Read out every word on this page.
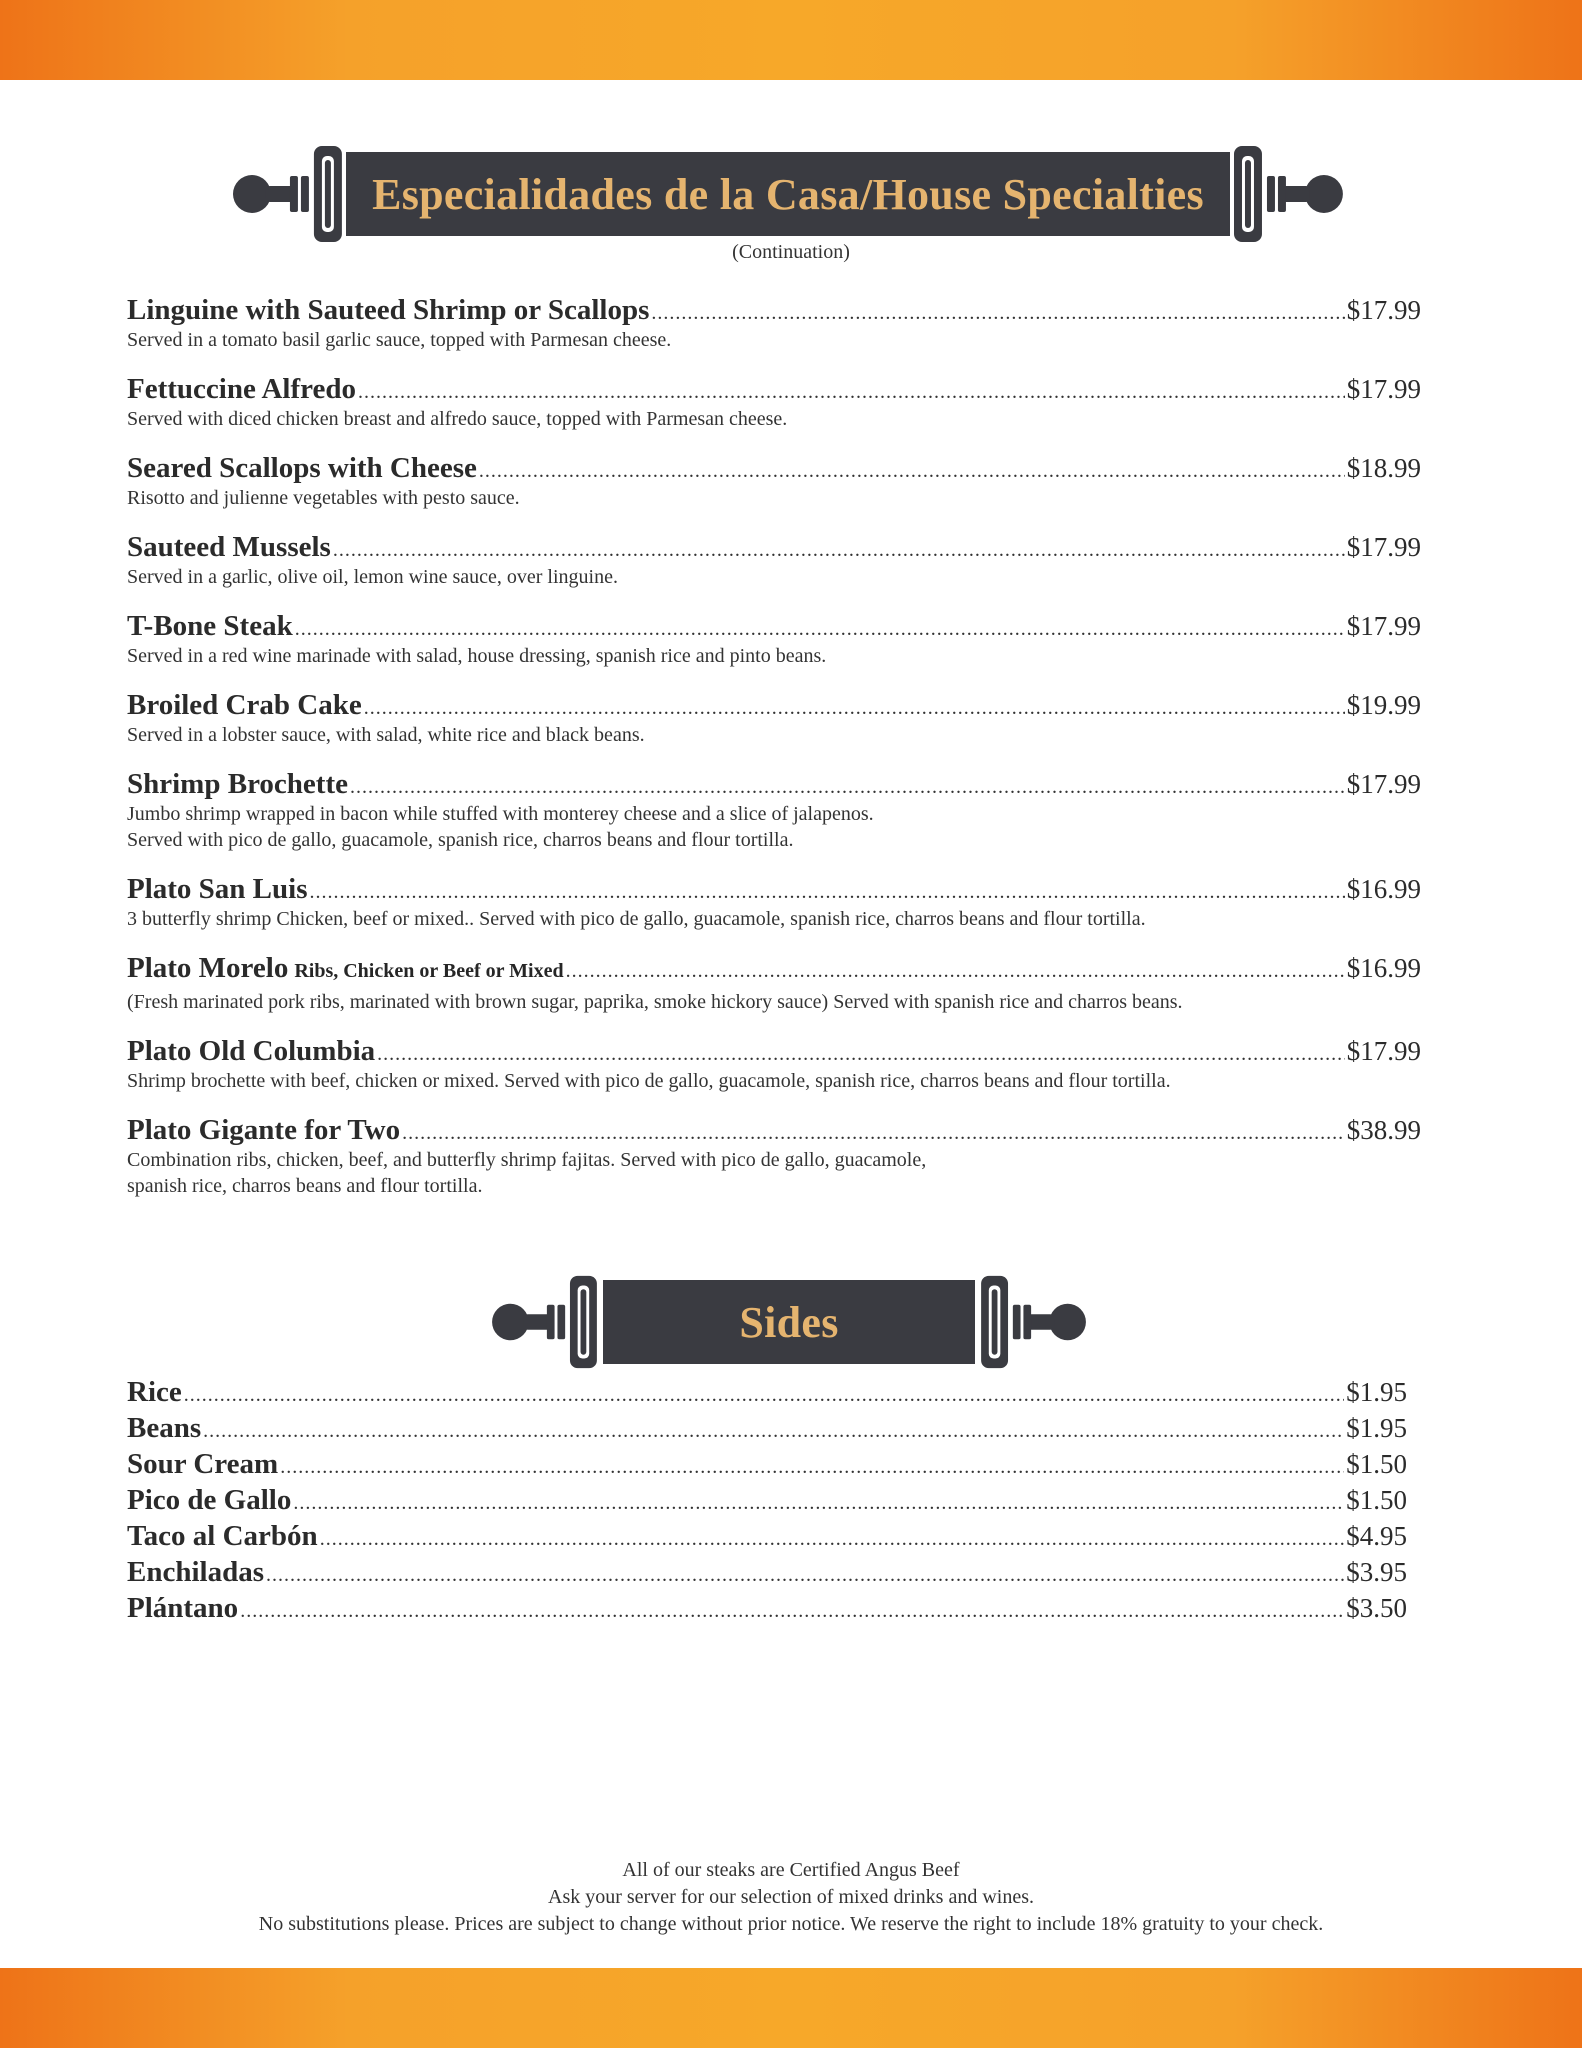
Especialidades de la Casa/House Specialties
(Continuation)
Linguine with Sauteed Shrimp or Scallops .....	$17.99
Served in a tomato basil garlic sauce, topped with Parmesan cheese.
Fettuccine Alfredo .....	$17.99
Served with diced chicken breast and alfredo sauce, topped with Parmesan cheese.
Seared Scallops with Cheese .....	$18.99
Risotto and julienne vegetables with pesto sauce.
Sauteed Mussels .....	$17.99
Served in a garlic, olive oil, lemon wine sauce, over linguine.
T-Bone Steak .....	$17.99
Served in a red wine marinade with salad, house dressing, spanish rice and pinto beans.
Broiled Crab Cake .....	$19.99
Served in a lobster sauce, with salad, white rice and black beans.
Shrimp Brochette .....	$17.99
Jumbo shrimp wrapped in bacon while stuffed with monterey cheese and a slice of jalapenos.
Served with pico de gallo, guacamole, spanish rice, charros beans and flour tortilla.
Plato San Luis .....	$16.99
3 butterfly shrimp Chicken, beef or mixed.. Served with pico de gallo, guacamole, spanish rice, charros beans and flour tortilla.
Plato Morelo Ribs, Chicken or Beef or Mixed .....	$16.99
(Fresh marinated pork ribs, marinated with brown sugar, paprika, smoke hickory sauce) Served with spanish rice and charros beans.
Plato Old Columbia .....	$17.99
Shrimp brochette with beef, chicken or mixed. Served with pico de gallo, guacamole, spanish rice, charros beans and flour tortilla.
Plato Gigante for Two .....	$38.99
Combination ribs, chicken, beef, and butterfly shrimp fajitas. Served with pico de gallo, guacamole,
spanish rice, charros beans and flour tortilla.
Sides
Rice .....	$1.95
Beans .....	$1.95
Sour Cream .....	$1.50
Pico de Gallo .....	$1.50
Taco al Carbón .....	$4.95
Enchiladas .....	$3.95
Plántano .....	$3.50
All of our steaks are Certified Angus Beef
Ask your server for our selection of mixed drinks and wines.
No substitutions please. Prices are subject to change without prior notice. We reserve the right to include 18% gratuity to your check.
